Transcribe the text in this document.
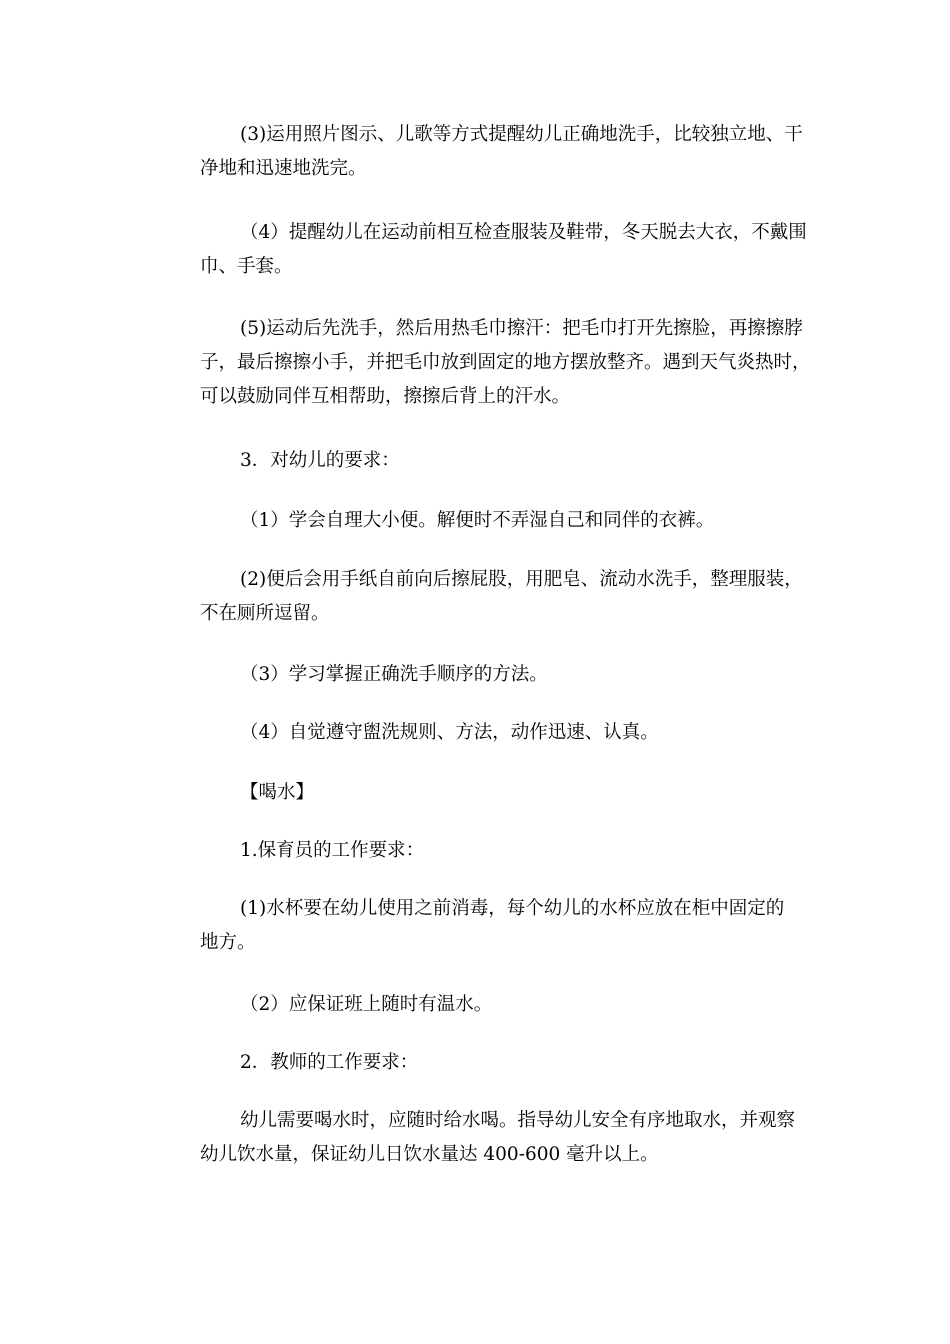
(3)运用照片图示、儿歌等方式提醒幼儿正确地洗手，比较独立地、干
净地和迅速地洗完。

（4）提醒幼儿在运动前相互检查服装及鞋带，冬天脱去大衣，不戴围
巾、手套。

(5)运动后先洗手，然后用热毛巾擦汗：把毛巾打开先擦脸，再擦擦脖
子，最后擦擦小手，并把毛巾放到固定的地方摆放整齐。遇到天气炎热时，
可以鼓励同伴互相帮助，擦擦后背上的汗水。

3．对幼儿的要求：

（1）学会自理大小便。解便时不弄湿自己和同伴的衣裤。

(2)便后会用手纸自前向后擦屁股，用肥皂、流动水洗手，整理服装，
不在厕所逗留。

（3）学习掌握正确洗手顺序的方法。

（4）自觉遵守盥洗规则、方法，动作迅速、认真。

【喝水】

1.保育员的工作要求：

(1)水杯要在幼儿使用之前消毒，每个幼儿的水杯应放在柜中固定的
地方。

（2）应保证班上随时有温水。

2．教师的工作要求：

幼儿需要喝水时，应随时给水喝。指导幼儿安全有序地取水，并观察
幼儿饮水量，保证幼儿日饮水量达 400-600 毫升以上。
